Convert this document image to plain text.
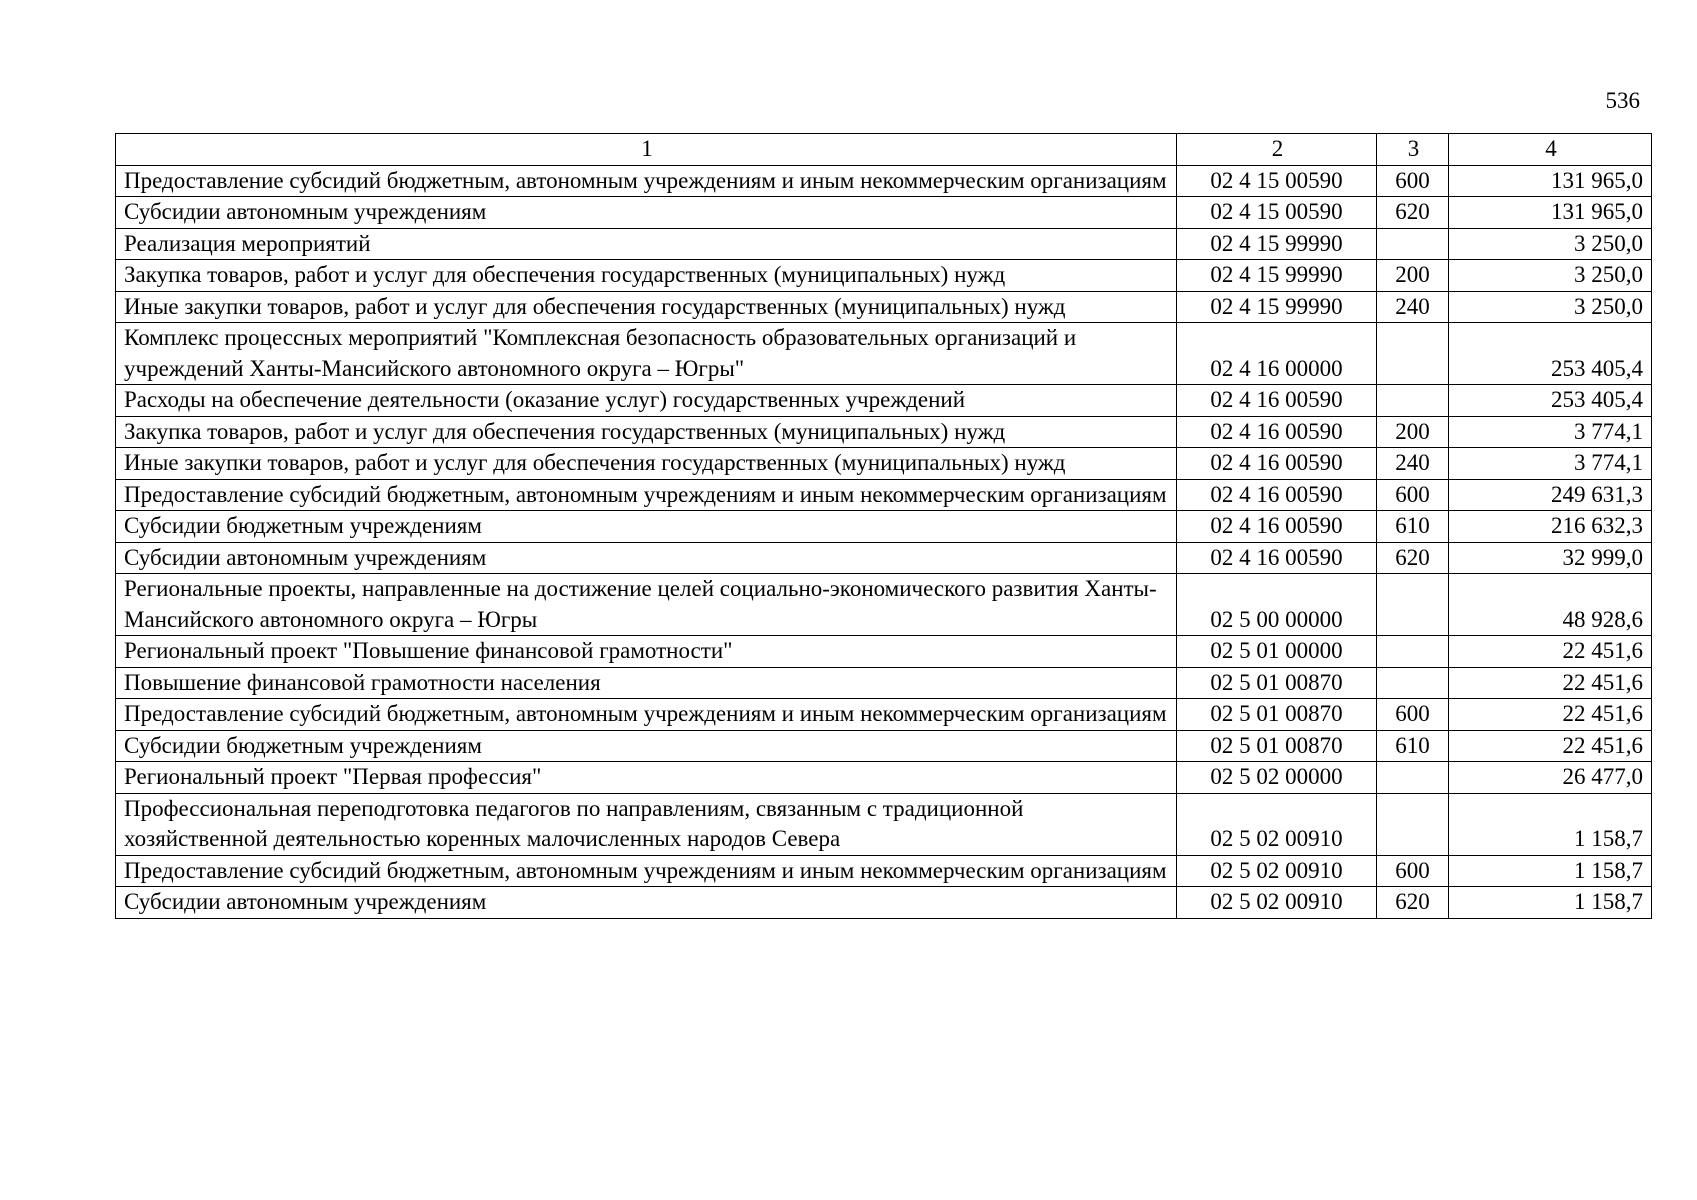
536
1	2	3	4
Предоставление субсидий бюджетным, автономным учреждениям и иным некоммерческим организациям	02 4 15 00590	600	131 965,0
Субсидии автономным учреждениям	02 4 15 00590	620	131 965,0
Реализация мероприятий	02 4 15 99990		3 250,0
Закупка товаров, работ и услуг для обеспечения государственных (муниципальных) нужд	02 4 15 99990	200	3 250,0
Иные закупки товаров, работ и услуг для обеспечения государственных (муниципальных) нужд	02 4 15 99990	240	3 250,0
Комплекс процессных мероприятий "Комплексная безопасность образовательных организаций и учреждений Ханты-Мансийского автономного округа – Югры"	02 4 16 00000		253 405,4
Расходы на обеспечение деятельности (оказание услуг) государственных учреждений	02 4 16 00590		253 405,4
Закупка товаров, работ и услуг для обеспечения государственных (муниципальных) нужд	02 4 16 00590	200	3 774,1
Иные закупки товаров, работ и услуг для обеспечения государственных (муниципальных) нужд	02 4 16 00590	240	3 774,1
Предоставление субсидий бюджетным, автономным учреждениям и иным некоммерческим организациям	02 4 16 00590	600	249 631,3
Субсидии бюджетным учреждениям	02 4 16 00590	610	216 632,3
Субсидии автономным учреждениям	02 4 16 00590	620	32 999,0
Региональные проекты, направленные на достижение целей социально-экономического развития Ханты-Мансийского автономного округа – Югры	02 5 00 00000		48 928,6
Региональный проект "Повышение финансовой грамотности"	02 5 01 00000		22 451,6
Повышение финансовой грамотности населения	02 5 01 00870		22 451,6
Предоставление субсидий бюджетным, автономным учреждениям и иным некоммерческим организациям	02 5 01 00870	600	22 451,6
Субсидии бюджетным учреждениям	02 5 01 00870	610	22 451,6
Региональный проект "Первая профессия"	02 5 02 00000		26 477,0
Профессиональная переподготовка педагогов по направлениям, связанным с традиционной хозяйственной деятельностью коренных малочисленных народов Севера	02 5 02 00910		1 158,7
Предоставление субсидий бюджетным, автономным учреждениям и иным некоммерческим организациям	02 5 02 00910	600	1 158,7
Субсидии автономным учреждениям	02 5 02 00910	620	1 158,7
